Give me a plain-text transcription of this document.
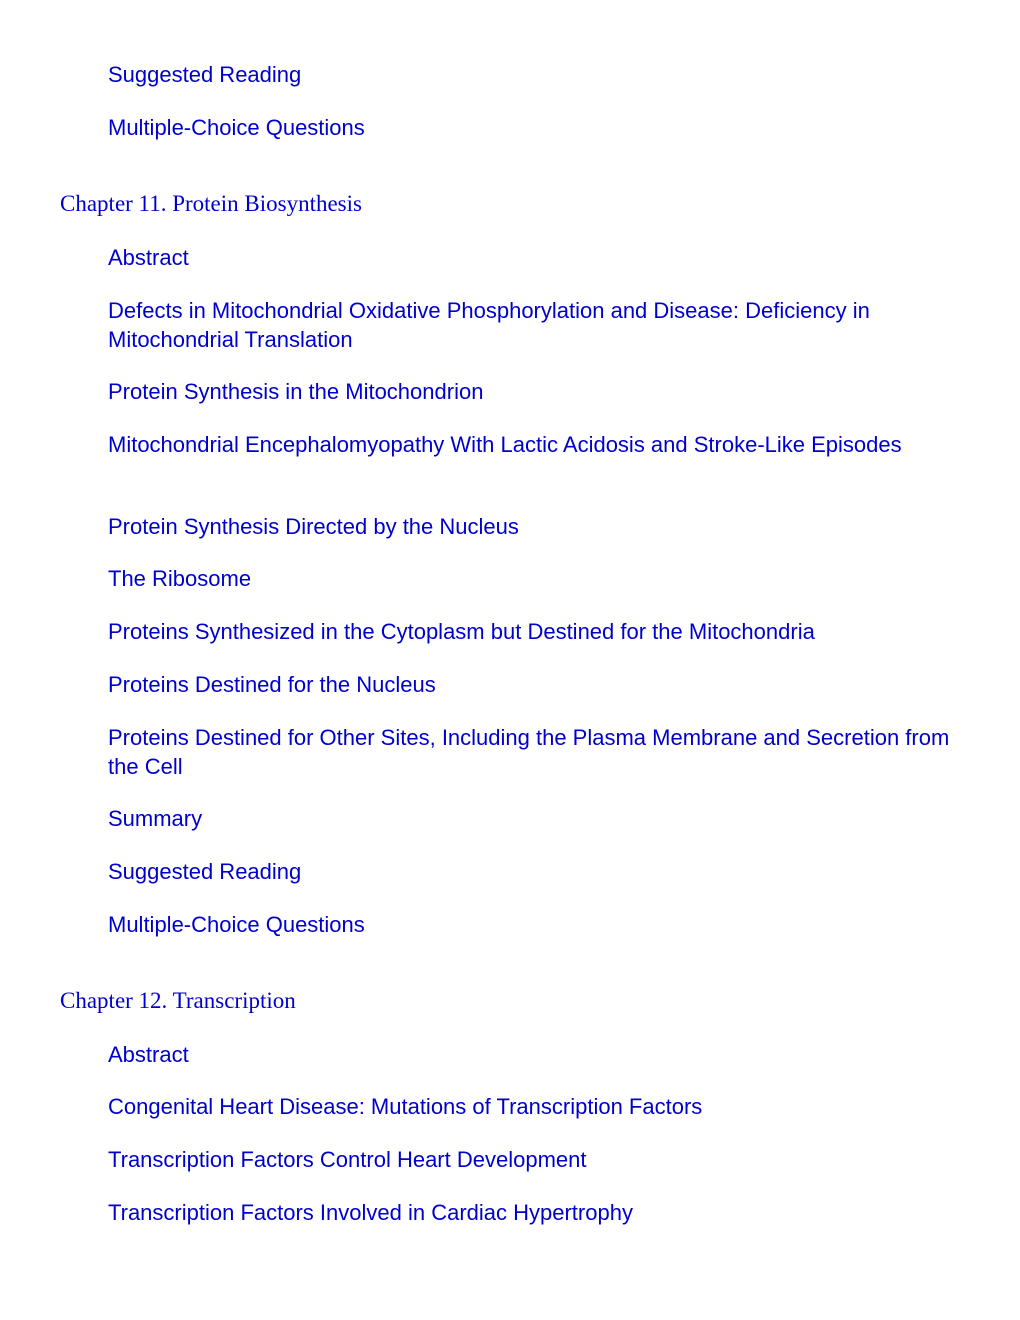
Suggested Reading
Multiple-Choice Questions
Chapter 11. Protein Biosynthesis
Abstract
Defects in Mitochondrial Oxidative Phosphorylation and Disease: Deficiency in Mitochondrial Translation
Protein Synthesis in the Mitochondrion
Mitochondrial Encephalomyopathy With Lactic Acidosis and Stroke-Like Episodes
Protein Synthesis Directed by the Nucleus
The Ribosome
Proteins Synthesized in the Cytoplasm but Destined for the Mitochondria
Proteins Destined for the Nucleus
Proteins Destined for Other Sites, Including the Plasma Membrane and Secretion from the Cell
Summary
Suggested Reading
Multiple-Choice Questions
Chapter 12. Transcription
Abstract
Congenital Heart Disease: Mutations of Transcription Factors
Transcription Factors Control Heart Development
Transcription Factors Involved in Cardiac Hypertrophy
